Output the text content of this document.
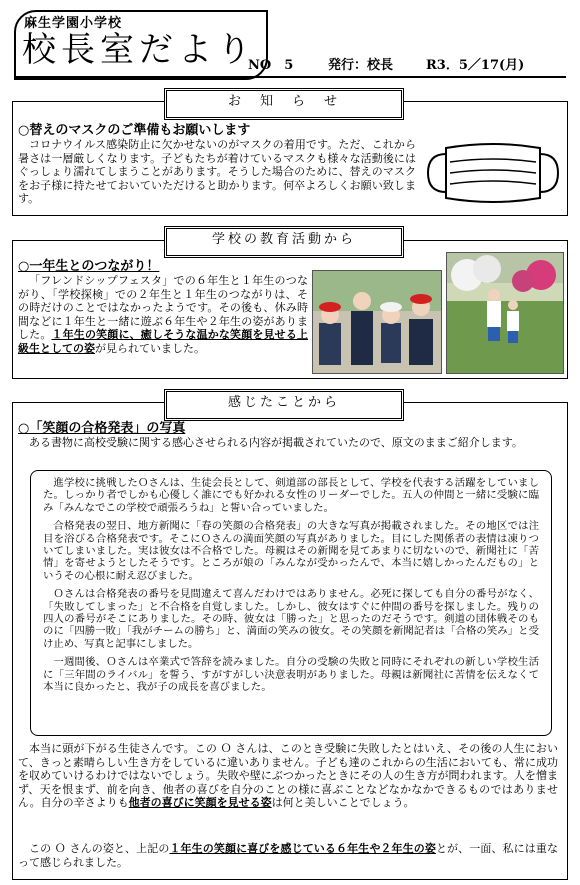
麻生学園小学校
校長室だより
NO　5	発行：校長	R3．5／17(月)
お　知　ら　せ
○替えのマスクのご準備もお願いします
コロナウイルス感染防止に欠かせないのがマスクの着用です。ただ、これから暑さは一層厳しくなります。子どもたちが着けているマスクも様々な活動後にはぐっしょり濡れてしまうことがあります。そうした場合のために、替えのマスクをお子様に持たせておいていただけると助かります。何卒よろしくお願い致します。
学校の教育活動から
○一年生とのつながり！
「フレンドシップフェスタ」での６年生と１年生のつながり、「学校探検」での２年生と１年生のつながりは、その時だけのことではなかったようです。その後も、休み時間などに１年生と一緒に遊ぶ６年生や２年生の姿がありました。１年生の笑顔に、癒しそうな温かな笑顔を見せる上級生としての姿が見られていました。
感じたことから
○「笑顔の合格発表」の写真
ある書物に高校受験に関する感心させられる内容が掲載されていたので、原文のままご紹介します。

進学校に挑戦したＯさんは、生徒会長として、剣道部の部長として、学校を代表する活躍をしていました。しっかり者でしかも心優しく誰にでも好かれる女性のリーダーでした。五人の仲間と一緒に受験に臨み「みんなでこの学校で頑張ろうね」と誓い合っていました。

合格発表の翌日、地方新聞に「春の笑顔の合格発表」の大きな写真が掲載されました。その地区では注目を浴びる合格発表です。そこにＯさんの満面笑顔の写真がありました。目にした関係者の表情は凍りついてしまいました。実は彼女は不合格でした。母親はその新聞を見てあまりに切ないので、新聞社に「苦情」を寄せようとしたそうです。ところが娘の「みんなが受かったんで、本当に嬉しかったんだもの」というその心根に耐え忍びました。

Ｏさんは合格発表の番号を見間違えて喜んだわけではありません。必死に探しても自分の番号がなく、「失敗してしまった」と不合格を自覚しました。しかし、彼女はすぐに仲間の番号を探しました。残りの四人の番号がそこにありました。その時、彼女は「勝った」と思ったのだそうです。剣道の団体戦そのものに「四勝一敗」「我がチームの勝ち」と、満面の笑みの彼女。その笑顔を新聞記者は「合格の笑み」と受け止め、写真と記事にしました。

一週間後、Ｏさんは卒業式で答辞を読みました。自分の受験の失敗と同時にそれぞれの新しい学校生活に「三年間のライバル」を誓う、すがすがしい決意表明がありました。母親は新聞社に苦情を伝えなくて本当に良かったと、我が子の成長を喜びました。

本当に頭が下がる生徒さんです。この Ｏ さんは、このとき受験に失敗したとはいえ、その後の人生において、きっと素晴らしい生き方をしているに違いありません。子ども達のこれからの生活においても、常に成功を収めていけるわけではないでしょう。失敗や壁にぶつかったときにその人の生き方が問われます。人を憎まず、天を恨まず、前を向き、他者の喜びを自分のことの様に喜ぶことなどなかなかできるものではありません。自分の辛さよりも他者の喜びに笑顔を見せる姿は何と美しいことでしょう。
この Ｏ さんの姿と、上記の１年生の笑顔に喜びを感じている６年生や２年生の姿とが、一面、私には重なって感じられました。
